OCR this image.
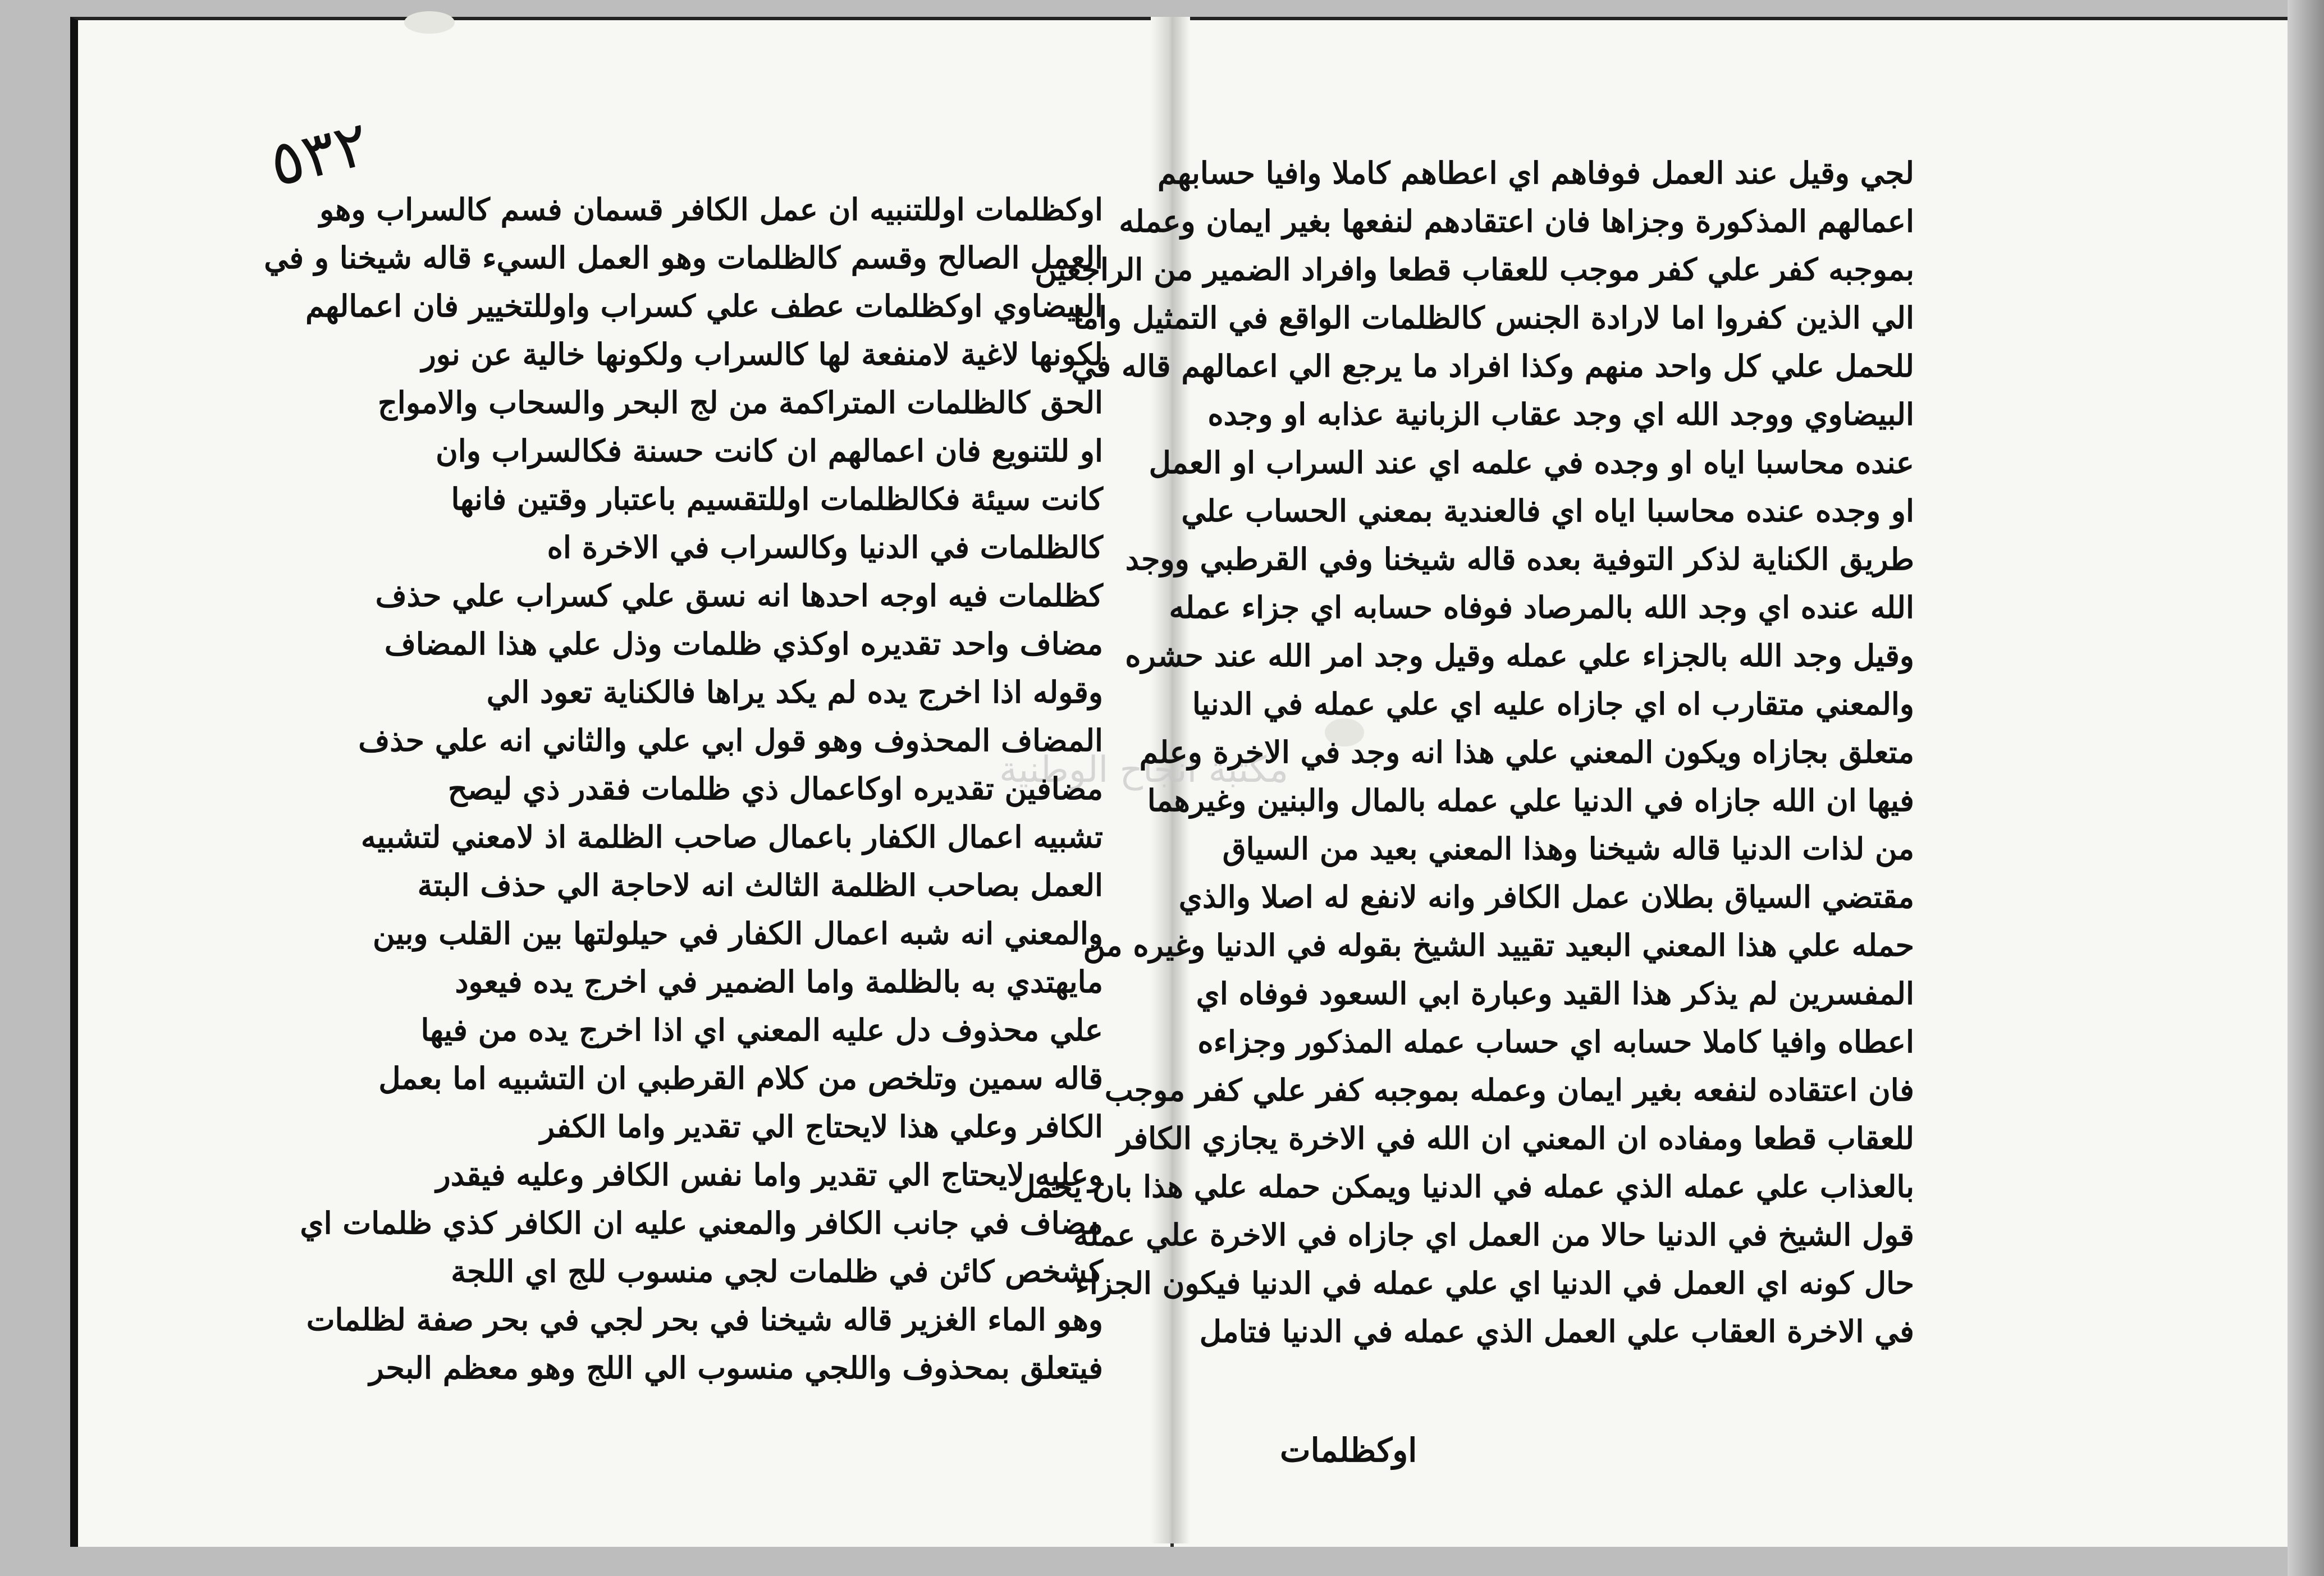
٥٣٢
مكتبة انجاح الوطنية
اوكظلمات اوللتنبيه ان عمل الكافر قسمان فسم كالسراب وهو
العمل الصالح وقسم كالظلمات وهو العمل السيء قاله شيخنا و في
البيضاوي اوكظلمات عطف علي كسراب واوللتخيير فان اعمالهم
لكونها لاغية لامنفعة لها كالسراب ولكونها خالية عن نور
الحق كالظلمات المتراكمة من لج البحر والسحاب والامواج
او للتنويع فان اعمالهم ان كانت حسنة فكالسراب وان
كانت سيئة فكالظلمات اوللتقسيم باعتبار وقتين فانها
كالظلمات في الدنيا وكالسراب في الاخرة اه
كظلمات فيه اوجه احدها انه نسق علي كسراب علي حذف
مضاف واحد تقديره اوكذي ظلمات وذل علي هذا المضاف
وقوله اذا اخرج يده لم يكد يراها فالكناية تعود الي
المضاف المحذوف وهو قول ابي علي والثاني انه علي حذف
مضافين تقديره اوكاعمال ذي ظلمات فقدر ذي ليصح
تشبيه اعمال الكفار باعمال صاحب الظلمة اذ لامعني لتشبيه
العمل بصاحب الظلمة الثالث انه لاحاجة الي حذف البتة
والمعني انه شبه اعمال الكفار في حيلولتها بين القلب وبين
مايهتدي به بالظلمة واما الضمير في اخرج يده فيعود
علي محذوف دل عليه المعني اي اذا اخرج يده من فيها
قاله سمين وتلخص من كلام القرطبي ان التشبيه اما بعمل
الكافر وعلي هذا لايحتاج الي تقدير واما الكفر
وعليه لايحتاج الي تقدير واما نفس الكافر وعليه فيقدر
مضاف في جانب الكافر والمعني عليه ان الكافر كذي ظلمات اي
كشخص كائن في ظلمات لجي منسوب للج اي اللجة
وهو الماء الغزير قاله شيخنا في بحر لجي في بحر صفة لظلمات
فيتعلق بمحذوف واللجي منسوب الي اللج وهو معظم البحر
لجي وقيل عند العمل فوفاهم اي اعطاهم كاملا وافيا حسابهم
اعمالهم المذكورة وجزاها فان اعتقادهم لنفعها بغير ايمان وعمله
بموجبه كفر علي كفر موجب للعقاب قطعا وافراد الضمير من الراجعين
الي الذين كفروا اما لارادة الجنس كالظلمات الواقع في التمثيل واما
للحمل علي كل واحد منهم وكذا افراد ما يرجع الي اعمالهم قاله في
البيضاوي ووجد الله اي وجد عقاب الزبانية عذابه او وجده
عنده محاسبا اياه او وجده في علمه اي عند السراب او العمل
او وجده عنده محاسبا اياه اي فالعندية بمعني الحساب علي
طريق الكناية لذكر التوفية بعده قاله شيخنا وفي القرطبي ووجد
الله عنده اي وجد الله بالمرصاد فوفاه حسابه اي جزاء عمله
وقيل وجد الله بالجزاء علي عمله وقيل وجد امر الله عند حشره
والمعني متقارب اه اي جازاه عليه اي علي عمله في الدنيا
متعلق بجازاه ويكون المعني علي هذا انه وجد في الاخرة وعلم
فيها ان الله جازاه في الدنيا علي عمله بالمال والبنين وغيرهما
من لذات الدنيا قاله شيخنا وهذا المعني بعيد من السياق
مقتضي السياق بطلان عمل الكافر وانه لانفع له اصلا والذي
حمله علي هذا المعني البعيد تقييد الشيخ بقوله في الدنيا وغيره من
المفسرين لم يذكر هذا القيد وعبارة ابي السعود فوفاه اي
اعطاه وافيا كاملا حسابه اي حساب عمله المذكور وجزاءه
فان اعتقاده لنفعه بغير ايمان وعمله بموجبه كفر علي كفر موجب
للعقاب قطعا ومفاده ان المعني ان الله في الاخرة يجازي الكافر
بالعذاب علي عمله الذي عمله في الدنيا ويمكن حمله علي هذا بان يحمل
قول الشيخ في الدنيا حالا من العمل اي جازاه في الاخرة علي عمله
حال كونه اي العمل في الدنيا اي علي عمله في الدنيا فيكون الجزاء
في الاخرة العقاب علي العمل الذي عمله في الدنيا فتامل
اوكظلمات
